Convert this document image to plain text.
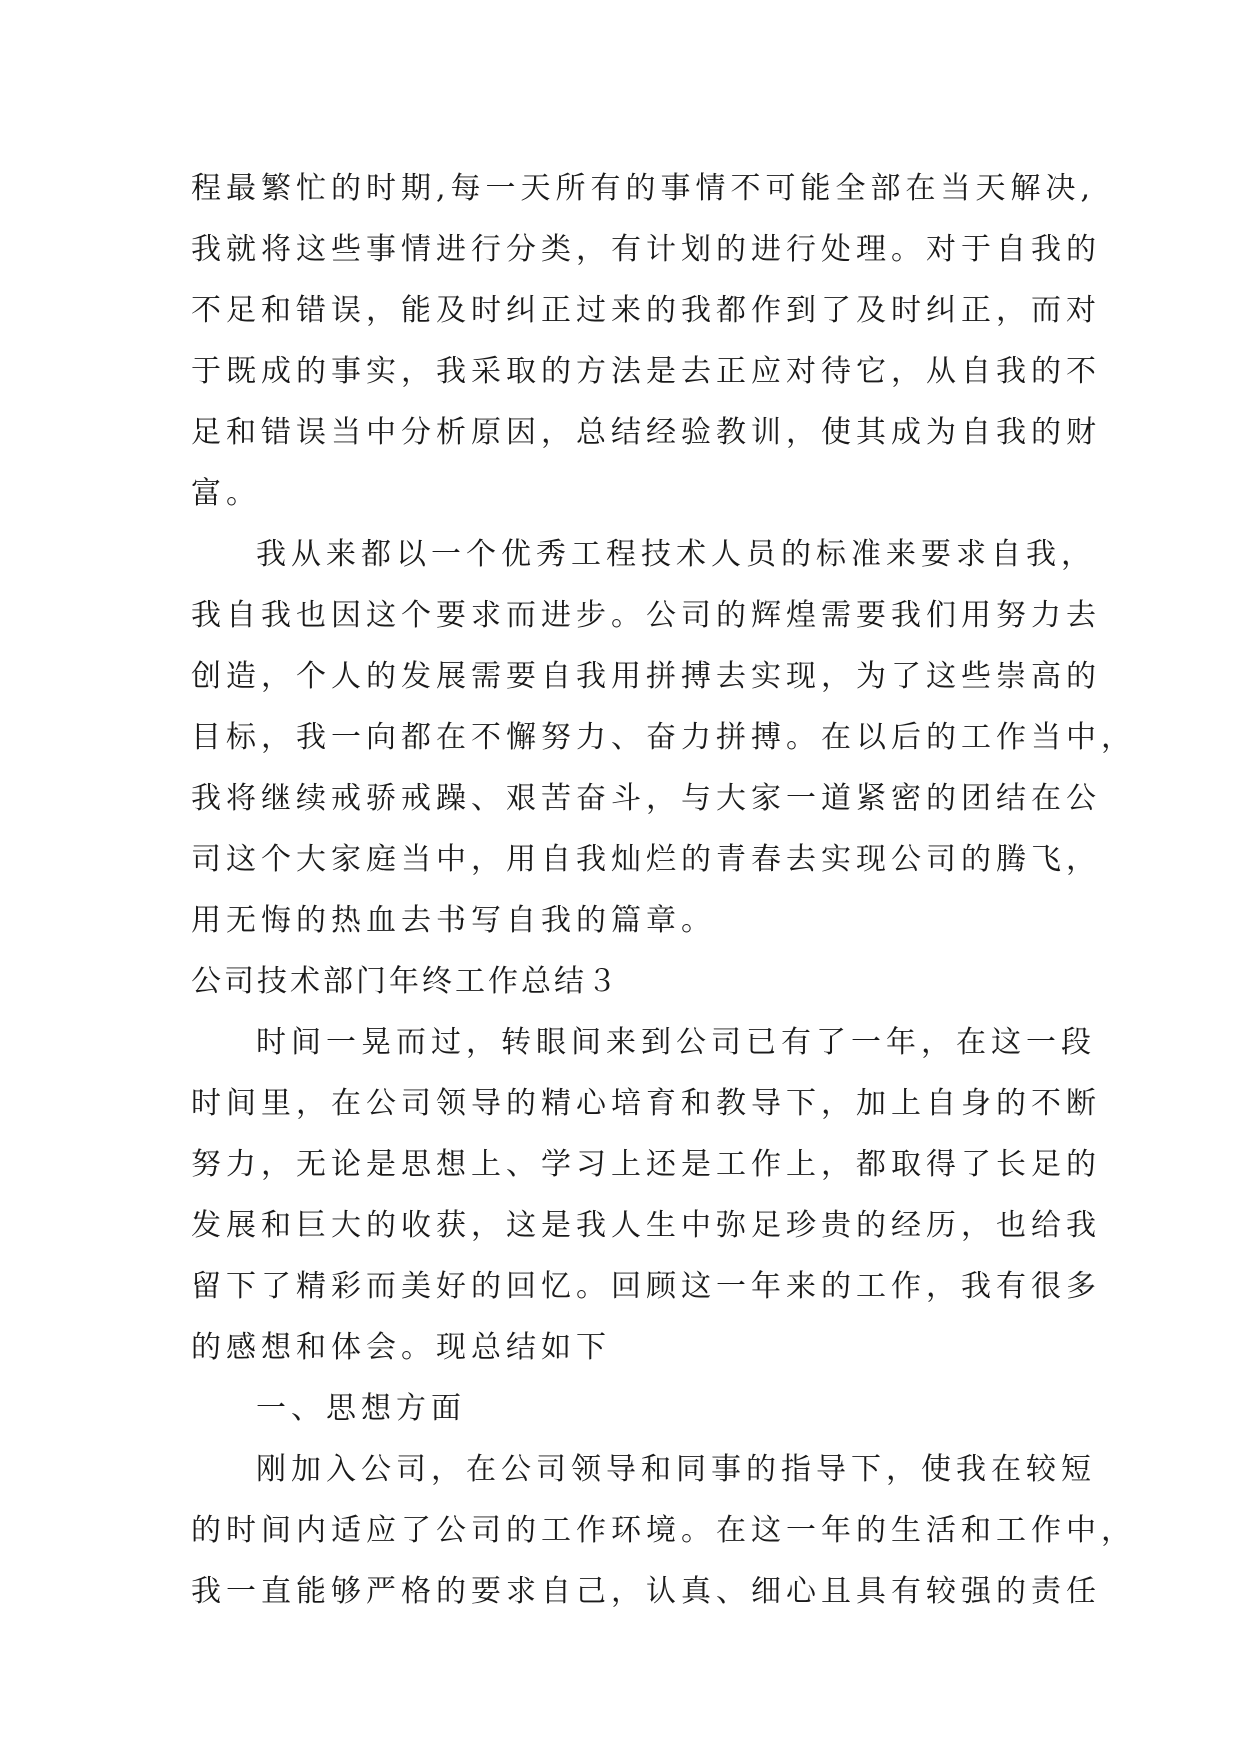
程最繁忙的时期,每一天所有的事情不可能全部在当天解决,
我就将这些事情进行分类，有计划的进行处理。对于自我的
不足和错误，能及时纠正过来的我都作到了及时纠正，而对
于既成的事实，我采取的方法是去正应对待它，从自我的不
足和错误当中分析原因，总结经验教训，使其成为自我的财
富。
我从来都以一个优秀工程技术人员的标准来要求自我，
我自我也因这个要求而进步。公司的辉煌需要我们用努力去
创造，个人的发展需要自我用拼搏去实现，为了这些崇高的
目标，我一向都在不懈努力、奋力拼搏。在以后的工作当中，
我将继续戒骄戒躁、艰苦奋斗，与大家一道紧密的团结在公
司这个大家庭当中，用自我灿烂的青春去实现公司的腾飞，
用无悔的热血去书写自我的篇章。
公司技术部门年终工作总结３
时间一晃而过，转眼间来到公司已有了一年，在这一段
时间里，在公司领导的精心培育和教导下，加上自身的不断
努力，无论是思想上、学习上还是工作上，都取得了长足的
发展和巨大的收获，这是我人生中弥足珍贵的经历，也给我
留下了精彩而美好的回忆。回顾这一年来的工作，我有很多
的感想和体会。现总结如下
一、思想方面
刚加入公司，在公司领导和同事的指导下，使我在较短
的时间内适应了公司的工作环境。在这一年的生活和工作中，
我一直能够严格的要求自己，认真、细心且具有较强的责任
